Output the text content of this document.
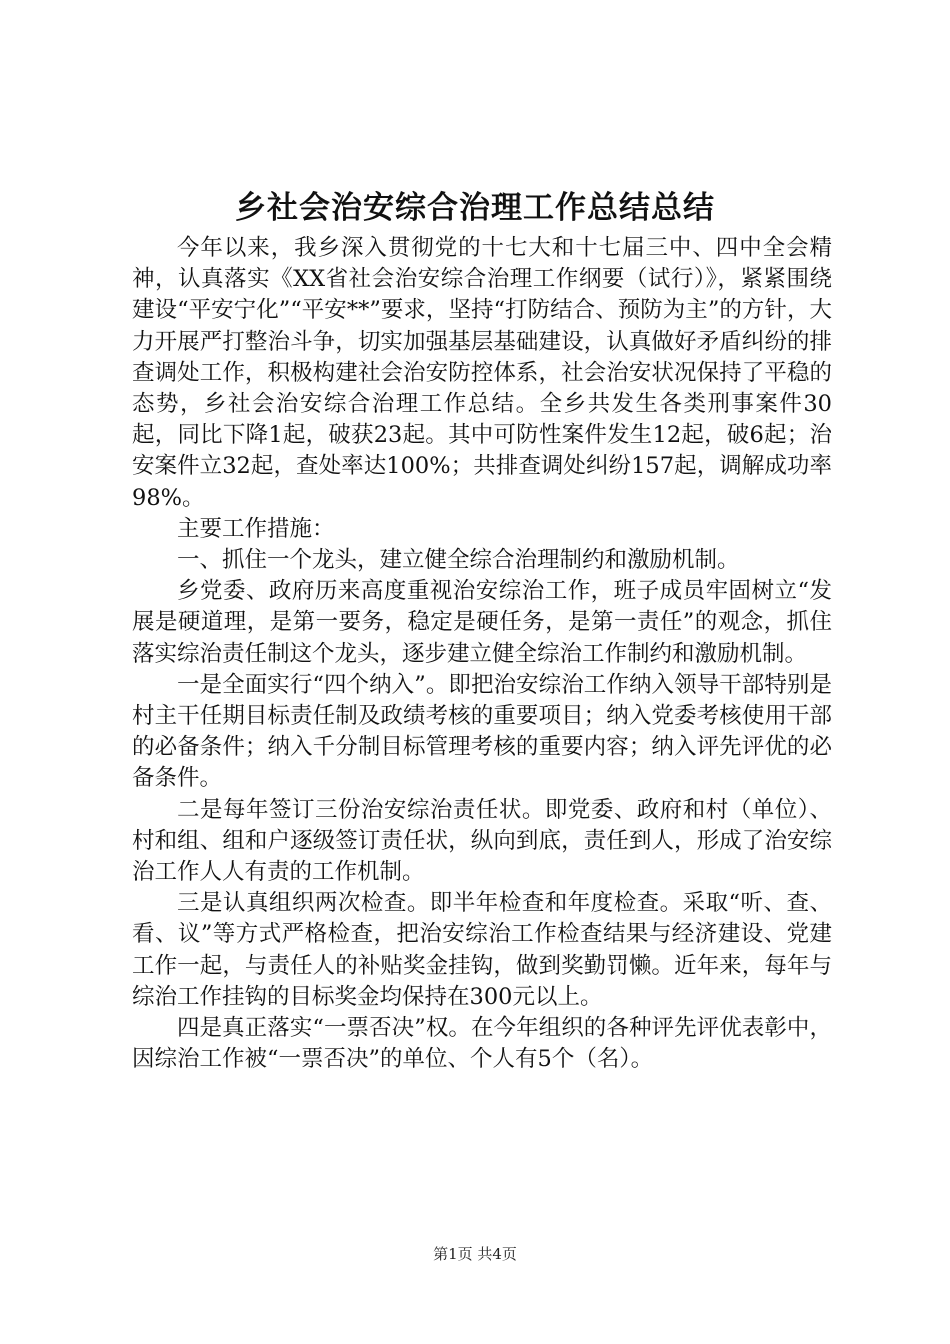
乡社会治安综合治理工作总结总结

今年以来，我乡深入贯彻党的十七大和十七届三中、四中全会精神，认真落实《XX省社会治安综合治理工作纲要（试行）》，紧紧围绕建设“平安宁化”“平安**”要求，坚持“打防结合、预防为主”的方针，大力开展严打整治斗争，切实加强基层基础建设，认真做好矛盾纠纷的排查调处工作，积极构建社会治安防控体系，社会治安状况保持了平稳的态势，乡社会治安综合治理工作总结。全乡共发生各类刑事案件30起，同比下降1起，破获23起。其中可防性案件发生12起，破6起；治安案件立32起，查处率达100%；共排查调处纠纷157起，调解成功率98%。

主要工作措施：

一、抓住一个龙头，建立健全综合治理制约和激励机制。

乡党委、政府历来高度重视治安综治工作，班子成员牢固树立“发展是硬道理，是第一要务，稳定是硬任务，是第一责任”的观念，抓住落实综治责任制这个龙头，逐步建立健全综治工作制约和激励机制。

一是全面实行“四个纳入”。即把治安综治工作纳入领导干部特别是村主干任期目标责任制及政绩考核的重要项目；纳入党委考核使用干部的必备条件；纳入千分制目标管理考核的重要内容；纳入评先评优的必备条件。

二是每年签订三份治安综治责任状。即党委、政府和村（单位）、村和组、组和户逐级签订责任状，纵向到底，责任到人，形成了治安综治工作人人有责的工作机制。

三是认真组织两次检查。即半年检查和年度检查。采取“听、查、看、议”等方式严格检查，把治安综治工作检查结果与经济建设、党建工作一起，与责任人的补贴奖金挂钩，做到奖勤罚懒。近年来，每年与综治工作挂钩的目标奖金均保持在300元以上。

四是真正落实“一票否决”权。在今年组织的各种评先评优表彰中，因综治工作被“一票否决”的单位、个人有5个（名）。

第1页 共4页
